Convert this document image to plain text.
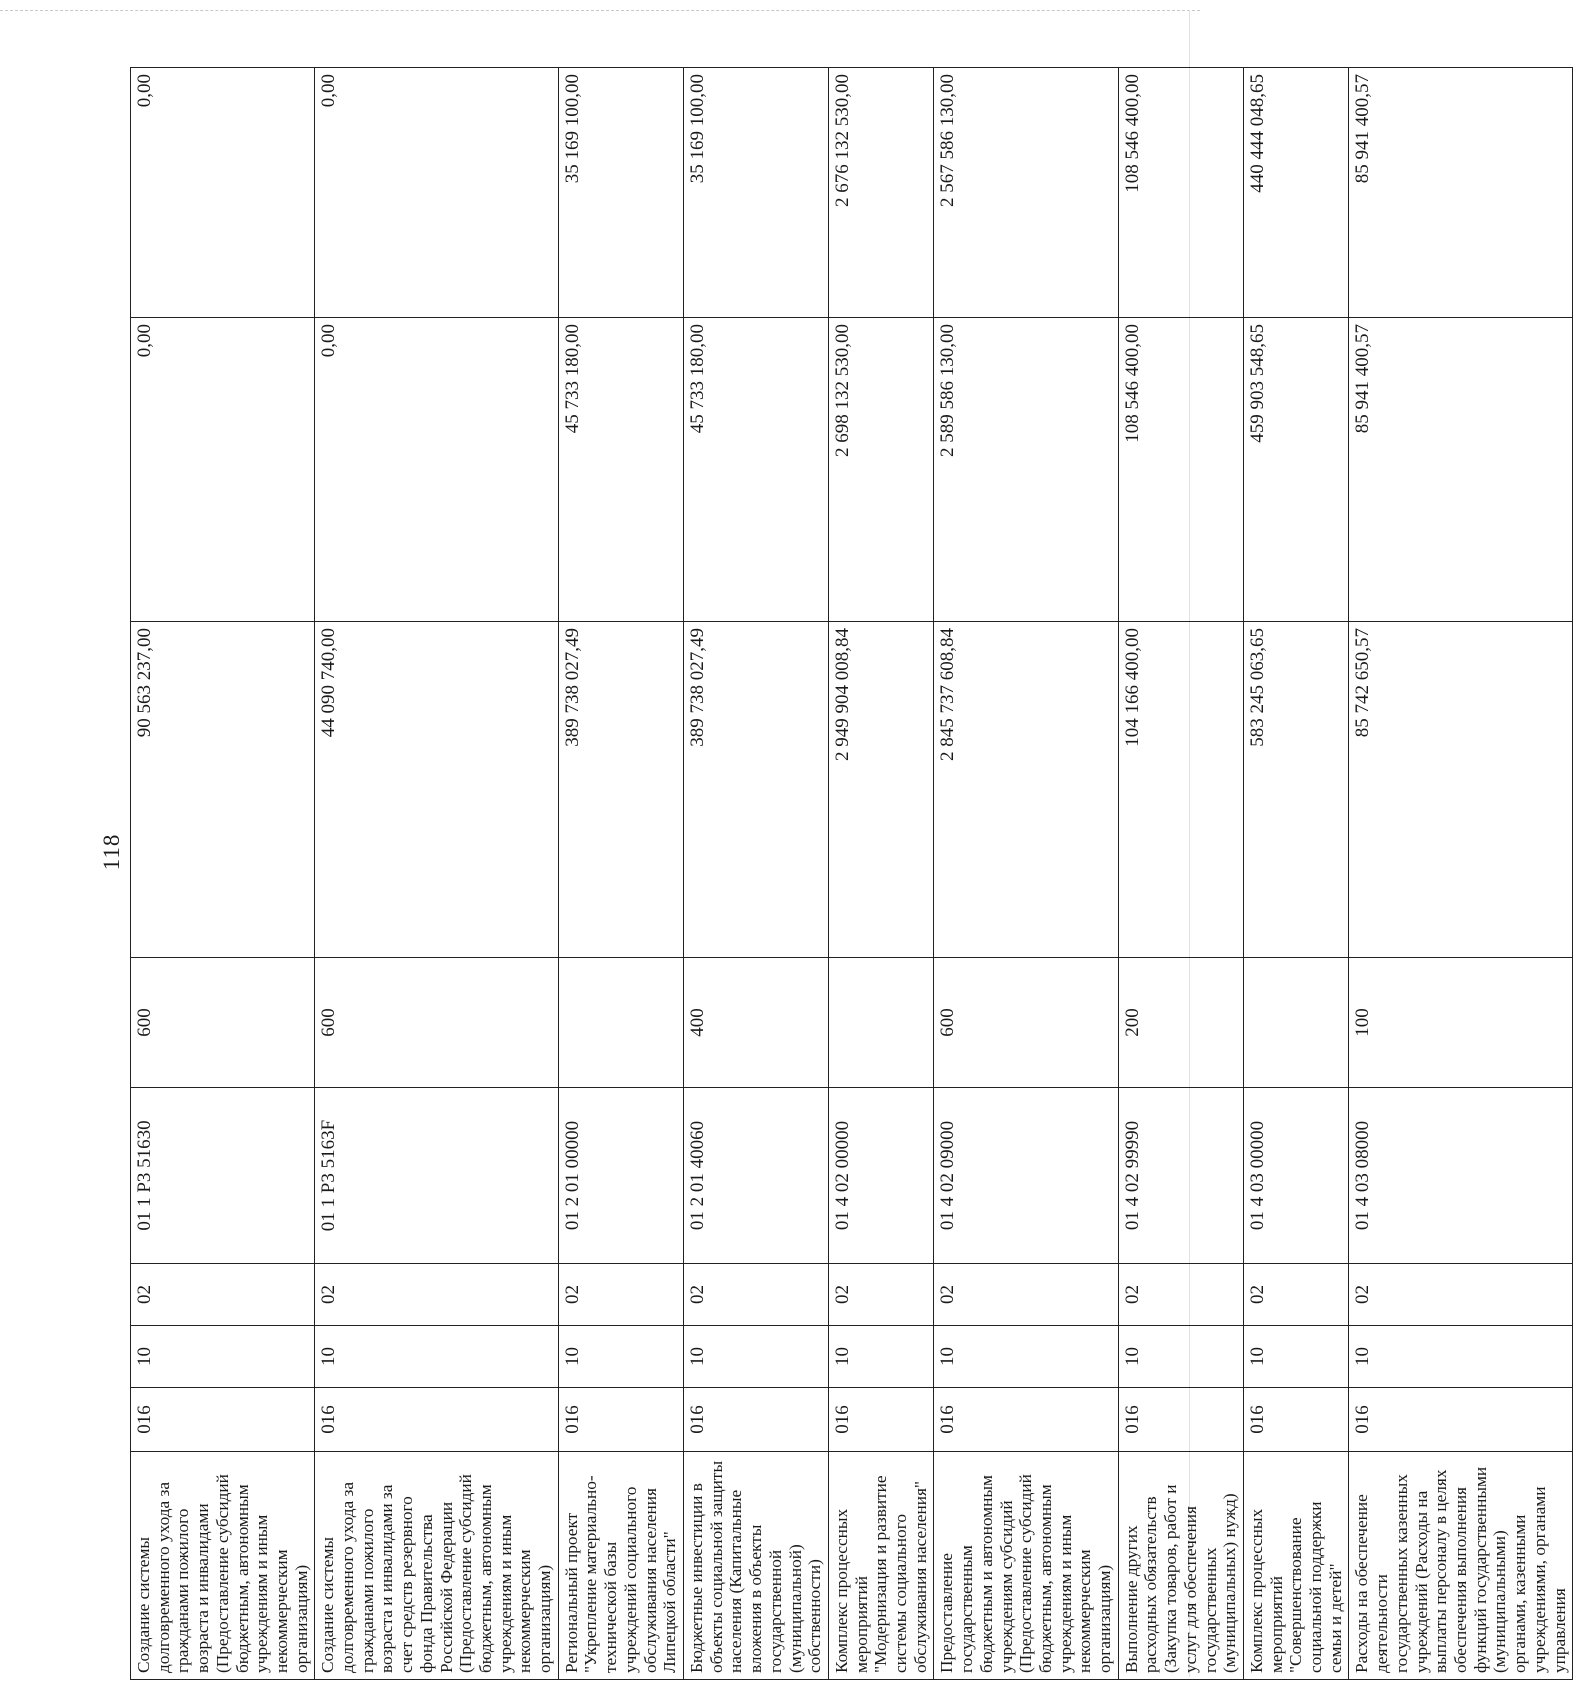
118
Создание системы долговременного ухода за гражданами пожилого возраста и инвалидами (Предоставление субсидий бюджетным, автономным учреждениям и иным некоммерческим организациям)	016	10	02	01 1 Р3 51630	600	90 563 237,00	0,00	0,00
Создание системы долговременного ухода за гражданами пожилого возраста и инвалидами за счет средств резервного фонда Правительства Российской Федерации (Предоставление субсидий бюджетным, автономным учреждениям и иным некоммерческим организациям)	016	10	02	01 1 Р3 5163F	600	44 090 740,00	0,00	0,00
Региональный проект "Укрепление материально-технической базы учреждений социального обслуживания населения Липецкой области"	016	10	02	01 2 01 00000		389 738 027,49	45 733 180,00	35 169 100,00
Бюджетные инвестиции в объекты социальной защиты населения (Капитальные вложения в объекты государственной (муниципальной) собственности)	016	10	02	01 2 01 40060	400	389 738 027,49	45 733 180,00	35 169 100,00
Комплекс процессных мероприятий "Модернизация и развитие системы социального обслуживания населения"	016	10	02	01 4 02 00000		2 949 904 008,84	2 698 132 530,00	2 676 132 530,00
Предоставление государственным бюджетным и автономным учреждениям субсидий (Предоставление субсидий бюджетным, автономным учреждениям и иным некоммерческим организациям)	016	10	02	01 4 02 09000	600	2 845 737 608,84	2 589 586 130,00	2 567 586 130,00
Выполнение других расходных обязательств (Закупка товаров, работ и услуг для обеспечения государственных (муниципальных) нужд)	016	10	02	01 4 02 99990	200	104 166 400,00	108 546 400,00	108 546 400,00
Комплекс процессных мероприятий "Совершенствование социальной поддержки семьи и детей"	016	10	02	01 4 03 00000		583 245 063,65	459 903 548,65	440 444 048,65
Расходы на обеспечение деятельности государственных казенных учреждений (Расходы на выплаты персоналу в целях обеспечения выполнения функций государственными (муниципальными) органами, казенными учреждениями, органами управления	016	10	02	01 4 03 08000	100	85 742 650,57	85 941 400,57	85 941 400,57
